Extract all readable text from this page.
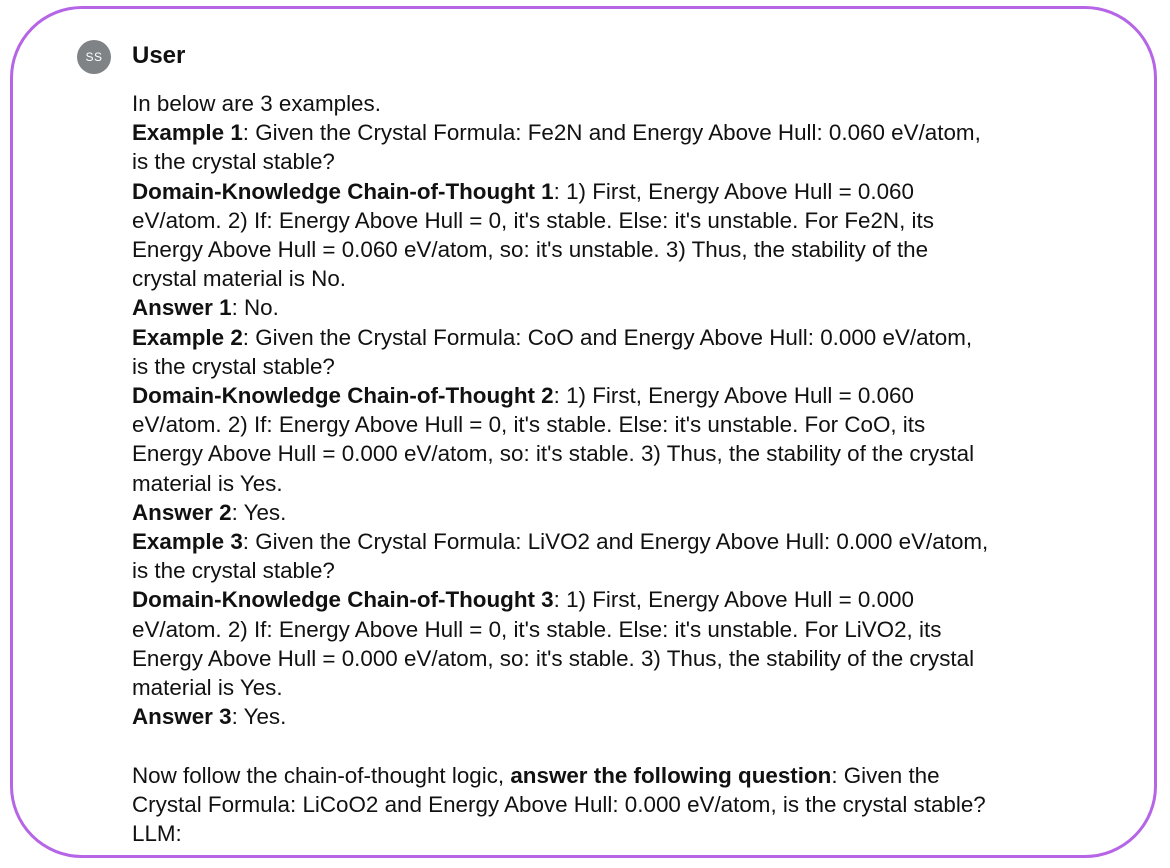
SS	User
In below are 3 examples.
Example 1: Given the Crystal Formula: Fe2N and Energy Above Hull: 0.060 eV/atom,
is the crystal stable?
Domain-Knowledge Chain-of-Thought 1: 1) First, Energy Above Hull = 0.060
eV/atom. 2) If: Energy Above Hull = 0, it's stable. Else: it's unstable. For Fe2N, its
Energy Above Hull = 0.060 eV/atom, so: it's unstable. 3) Thus, the stability of the
crystal material is No.
Answer 1: No.
Example 2: Given the Crystal Formula: CoO and Energy Above Hull: 0.000 eV/atom,
is the crystal stable?
Domain-Knowledge Chain-of-Thought 2: 1) First, Energy Above Hull = 0.060
eV/atom. 2) If: Energy Above Hull = 0, it's stable. Else: it's unstable. For CoO, its
Energy Above Hull = 0.000 eV/atom, so: it's stable. 3) Thus, the stability of the crystal
material is Yes.
Answer 2: Yes.
Example 3: Given the Crystal Formula: LiVO2 and Energy Above Hull: 0.000 eV/atom,
is the crystal stable?
Domain-Knowledge Chain-of-Thought 3: 1) First, Energy Above Hull = 0.000
eV/atom. 2) If: Energy Above Hull = 0, it's stable. Else: it's unstable. For LiVO2, its
Energy Above Hull = 0.000 eV/atom, so: it's stable. 3) Thus, the stability of the crystal
material is Yes.
Answer 3: Yes.
Now follow the chain-of-thought logic, answer the following question: Given the
Crystal Formula: LiCoO2 and Energy Above Hull: 0.000 eV/atom, is the crystal stable?
LLM:
